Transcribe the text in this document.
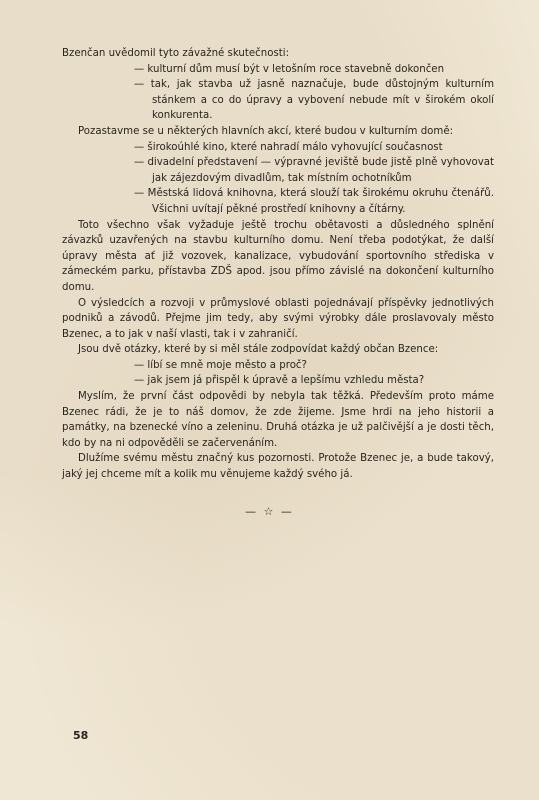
Bzenčan uvědomil tyto závažné skutečnosti:

— kulturní dům musí být v letošním roce stavebně dokončen

— tak, jak stavba už jasně naznačuje, bude důstojným kulturním stánkem a co do úpravy a vybovení nebude mít v širokém okolí konkurenta.

Pozastavme se u některých hlavních akcí, které budou v kulturním domě:

— širokoúhlé kino, které nahradí málo vyhovující současnost

— divadelní představení — výpravné jeviště bude jistě plně vyhovovat jak zájezdovým divadlům, tak místním ochotníkům

— Městská lidová knihovna, která slouží tak širokému okruhu čtenářů. Všichni uvítají pěkné prostředí knihovny a čítárny.

Toto všechno však vyžaduje ještě trochu obětavosti a důsledného splnění závazků uzavřených na stavbu kulturního domu. Není třeba podotýkat, že další úpravy města ať již vozovek, kanalizace, vybudování sportovního střediska v zámeckém parku, přístavba ZDŠ apod. jsou přímo závislé na dokončení kulturního domu.

O výsledcích a rozvoji v průmyslové oblasti pojednávají příspěvky jednotlivých podniků a závodů. Přejme jim tedy, aby svými výrobky dále proslavovaly město Bzenec, a to jak v naší vlasti, tak i v zahraničí.

Jsou dvě otázky, které by si měl stále zodpovídat každý občan Bzence:

— líbí se mně moje město a proč?

— jak jsem já přispěl k úpravě a lepšímu vzhledu města?

Myslím, že první část odpovědi by nebyla tak těžká. Především proto máme Bzenec rádi, že je to náš domov, že zde žijeme. Jsme hrdi na jeho historii a památky, na bzenecké víno a zeleninu. Druhá otázka je už palčivější a je dosti těch, kdo by na ni odpověděli se začervenáním.

Dlužíme svému městu značný kus pozornosti. Protože Bzenec je, a bude takový, jaký jej chceme mít a kolik mu věnujeme každý svého já.

— ☆ —
58
